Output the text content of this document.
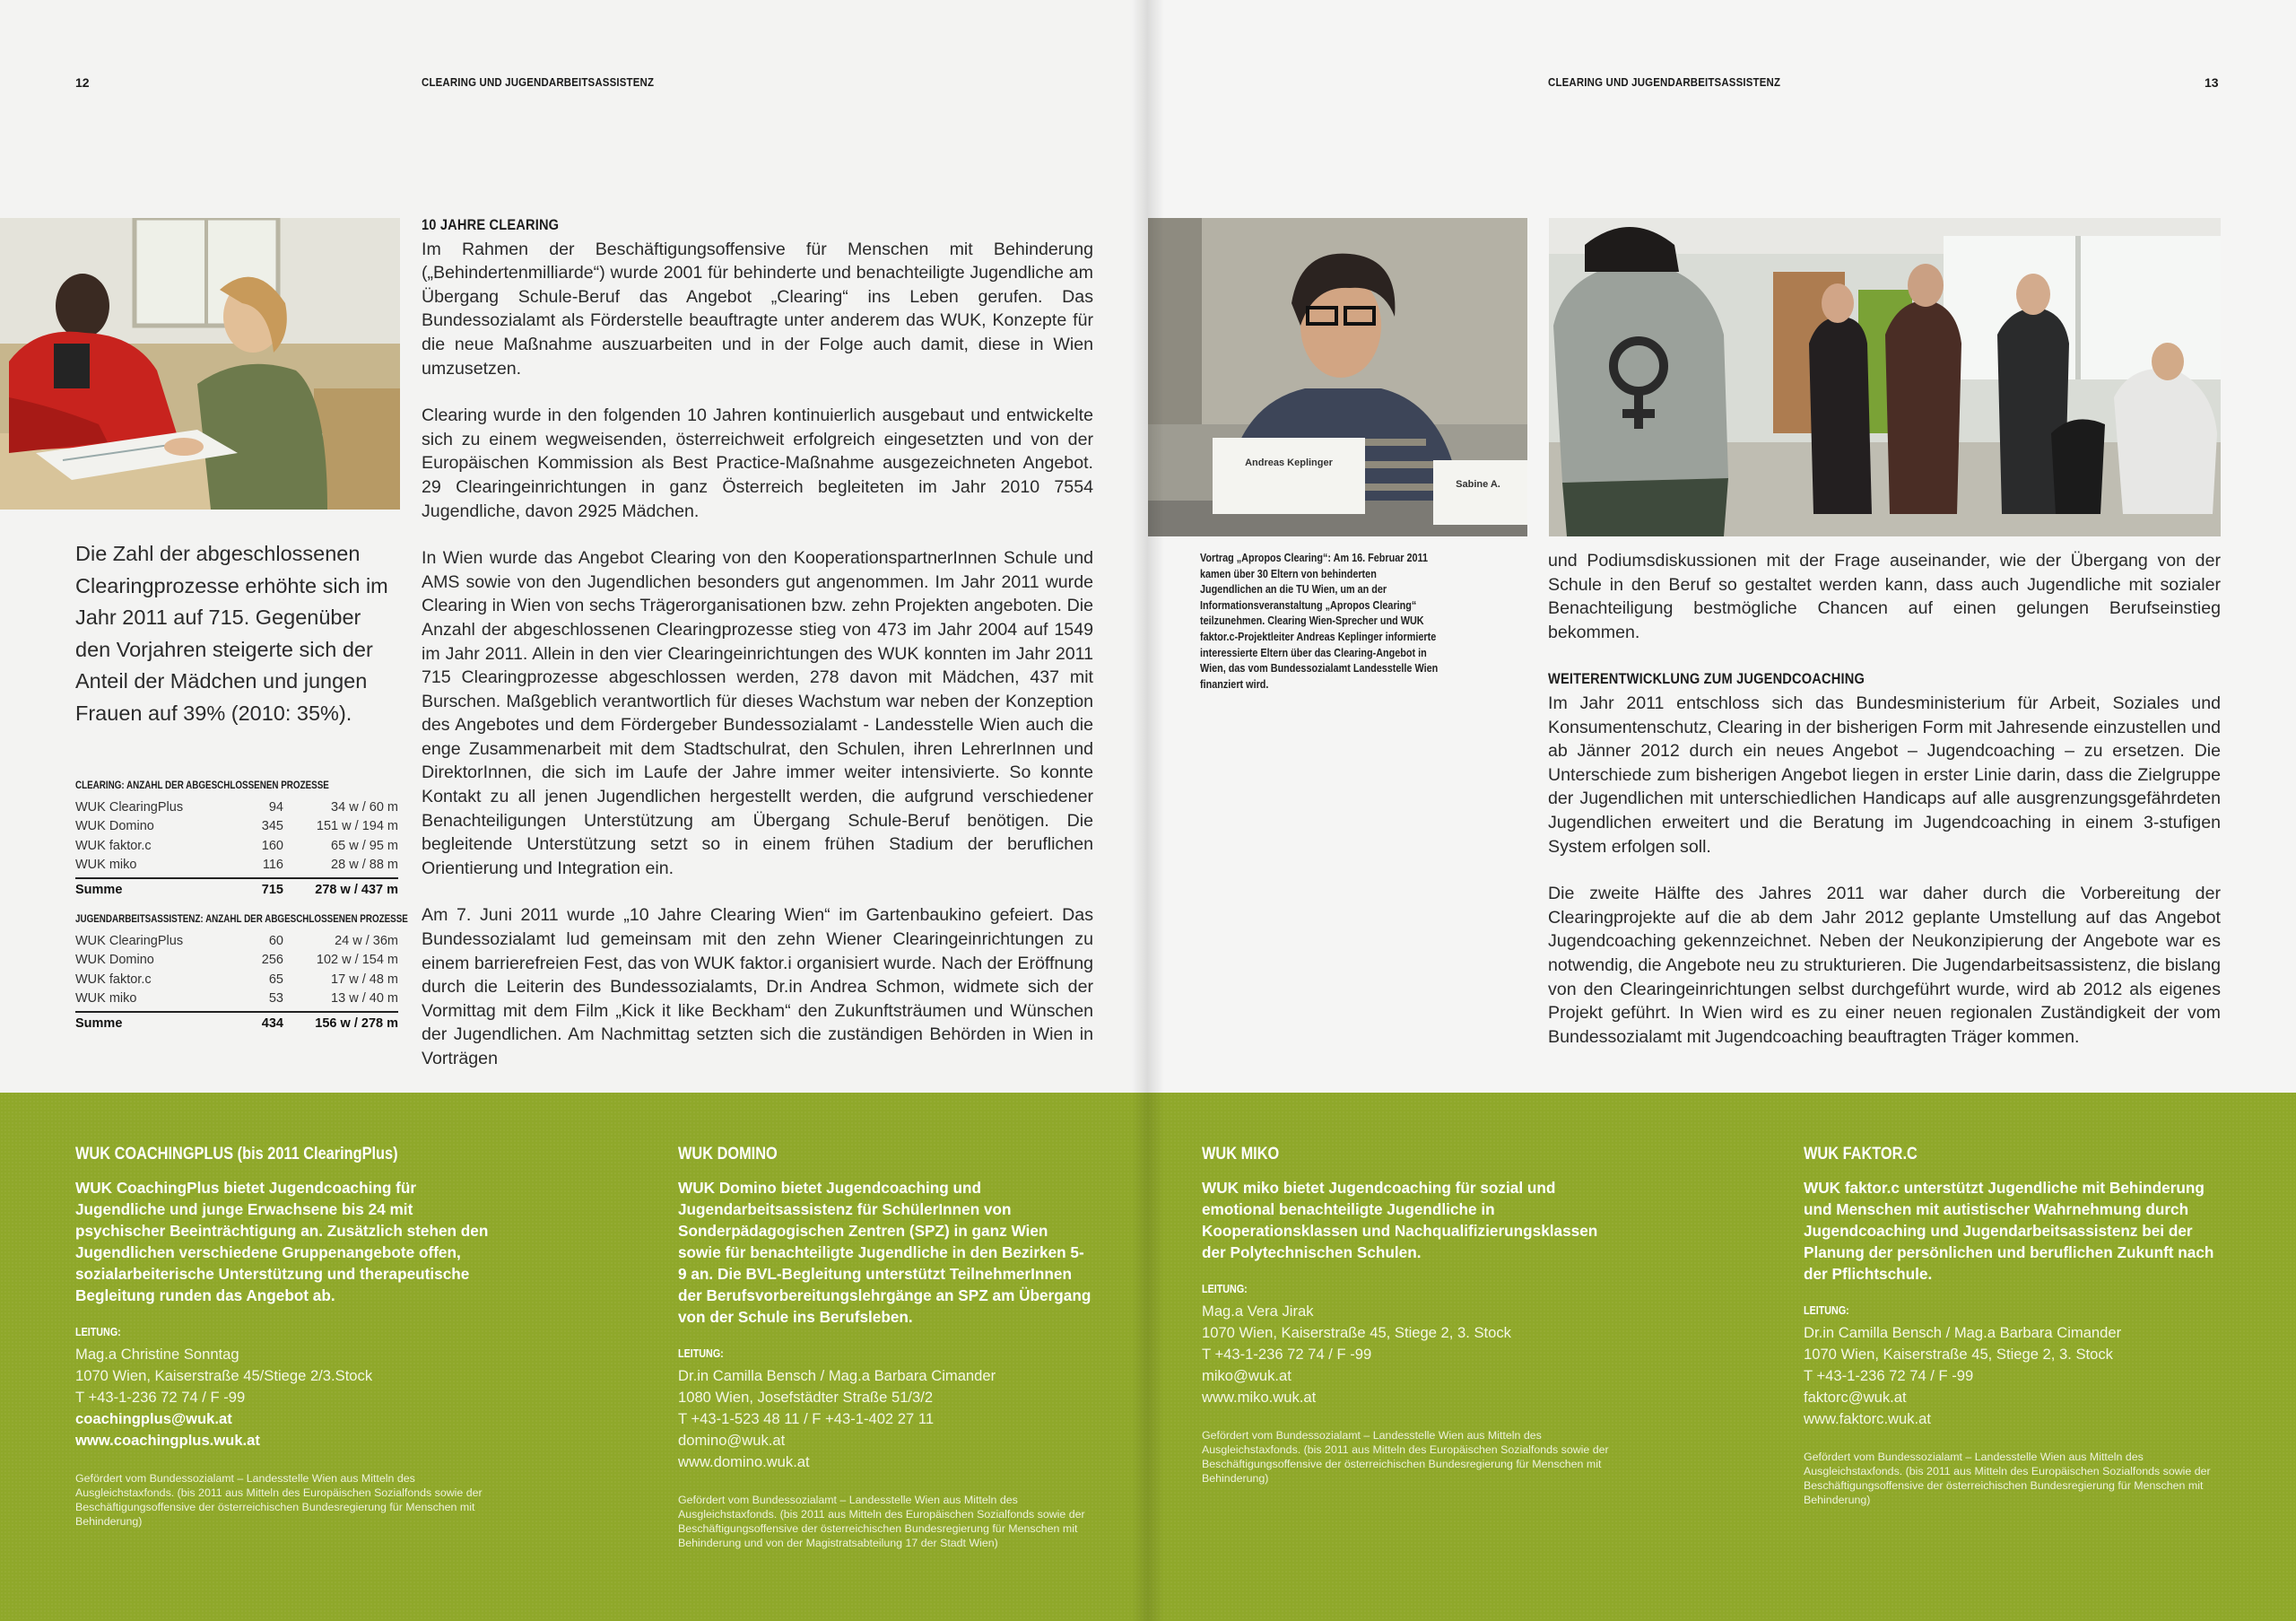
12	CLEARING UND JUGENDARBEITSASSISTENZ
Die Zahl der abgeschlossenen Clearingprozesse erhöhte sich im Jahr 2011 auf 715. Gegenüber den Vorjahren steigerte sich der Anteil der Mädchen und jungen Frauen auf 39% (2010: 35%).
CLEARING: ANZAHL DER ABGESCHLOSSENEN PROZESSE
WUK ClearingPlus	94	34 w / 60 m
WUK Domino	345	151 w / 194 m
WUK faktor.c	160	65 w / 95 m
WUK miko	116	28 w / 88 m
Summe	715	278 w / 437 m
JUGENDARBEITSASSISTENZ: ANZAHL DER ABGESCHLOSSENEN PROZESSE
WUK ClearingPlus	60	24 w / 36m
WUK Domino	256	102 w / 154 m
WUK faktor.c	65	17 w / 48 m
WUK miko	53	13 w / 40 m
Summe	434	156 w / 278 m
10 JAHRE CLEARING

Im Rahmen der Beschäftigungsoffensive für Menschen mit Behinderung („Behindertenmilliarde“) wurde 2001 für behinderte und benachteiligte Jugendliche am Übergang Schule-Beruf das Angebot „Clearing“ ins Leben gerufen. Das Bundessozialamt als Förderstelle beauftragte unter anderem das WUK, Konzepte für die neue Maßnahme auszuarbeiten und in der Folge auch damit, diese in Wien umzusetzen.

Clearing wurde in den folgenden 10 Jahren kontinuierlich ausgebaut und entwickelte sich zu einem wegweisenden, österreichweit erfolgreich eingesetzten und von der Europäischen Kommission als Best Practice-Maßnahme ausgezeichneten Angebot. 29 Clearingeinrichtungen in ganz Österreich begleiteten im Jahr 2010 7554 Jugendliche, davon 2925 Mädchen.

In Wien wurde das Angebot Clearing von den KooperationspartnerInnen Schule und AMS sowie von den Jugendlichen besonders gut angenommen. Im Jahr 2011 wurde Clearing in Wien von sechs Trägerorganisationen bzw. zehn Projekten angeboten. Die Anzahl der abgeschlossenen Clearingprozesse stieg von 473 im Jahr 2004 auf 1549 im Jahr 2011. Allein in den vier Clearingeinrichtungen des WUK konnten im Jahr 2011 715 Clearingprozesse abgeschlossen werden, 278 davon mit Mädchen, 437 mit Burschen. Maßgeblich verantwortlich für dieses Wachstum war neben der Konzeption des Angebotes und dem Fördergeber Bundessozialamt - Landesstelle Wien auch die enge Zusammenarbeit mit dem Stadtschulrat, den Schulen, ihren LehrerInnen und DirektorInnen, die sich im Laufe der Jahre immer weiter intensivierte. So konnte Kontakt zu all jenen Jugendlichen hergestellt werden, die aufgrund verschiedener Benachteiligungen Unterstützung am Übergang Schule-Beruf benötigen. Die begleitende Unterstützung setzt so in einem frühen Stadium der beruflichen Orientierung und Integration ein.

Am 7. Juni 2011 wurde „10 Jahre Clearing Wien“ im Gartenbaukino gefeiert. Das Bundessozialamt lud gemeinsam mit den zehn Wiener Clearingeinrichtungen zu einem barrierefreien Fest, das von WUK faktor.i organisiert wurde. Nach der Eröffnung durch die Leiterin des Bundessozialamts, Dr.in Andrea Schmon, widmete sich der Vormittag mit dem Film „Kick it like Beckham“ den Zukunftsträumen und Wünschen der Jugendlichen. Am Nachmittag setzten sich die zuständigen Behörden in Wien in Vorträgen

CLEARING UND JUGENDARBEITSASSISTENZ	13
Andreas Keplinger
Sabine A.
Vortrag „Apropos Clearing“: Am 16. Februar 2011 kamen über 30 Eltern von behinderten Jugendlichen an die TU Wien, um an der Informationsveranstaltung „Apropos Clearing“ teilzunehmen. Clearing Wien-Sprecher und WUK faktor.c-Projektleiter Andreas Keplinger informierte interessierte Eltern über das Clearing-Angebot in Wien, das vom Bundessozialamt Landesstelle Wien finanziert wird.

und Podiumsdiskussionen mit der Frage auseinander, wie der Übergang von der Schule in den Beruf so gestaltet werden kann, dass auch Jugendliche mit sozialer Benachteiligung bestmögliche Chancen auf einen gelungen Berufseinstieg bekommen.

WEITERENTWICKLUNG ZUM JUGENDCOACHING

Im Jahr 2011 entschloss sich das Bundesministerium für Arbeit, Soziales und Konsumentenschutz, Clearing in der bisherigen Form mit Jahresende einzustellen und ab Jänner 2012 durch ein neues Angebot – Jugendcoaching – zu ersetzen. Die Unterschiede zum bisherigen Angebot liegen in erster Linie darin, dass die Zielgruppe der Jugendlichen mit unterschiedlichen Handicaps auf alle ausgrenzungsgefährdeten Jugendlichen erweitert und die Beratung im Jugendcoaching in einem 3-stufigen System erfolgen soll.

Die zweite Hälfte des Jahres 2011 war daher durch die Vorbereitung der Clearingprojekte auf die ab dem Jahr 2012 geplante Umstellung auf das Angebot Jugendcoaching gekennzeichnet. Neben der Neukonzipierung der Angebote war es notwendig, die Angebote neu zu strukturieren. Die Jugendarbeitsassistenz, die bislang von den Clearingeinrichtungen selbst durchgeführt wurde, wird ab 2012 als eigenes Projekt geführt. In Wien wird es zu einer neuen regionalen Zuständigkeit der vom Bundessozialamt mit Jugendcoaching beauftragten Träger kommen.

WUK COACHINGPLUS (bis 2011 ClearingPlus)
WUK CoachingPlus bietet Jugendcoaching für Jugendliche und junge Erwachsene bis 24 mit psychischer Beeinträchtigung an. Zusätzlich stehen den Jugendlichen verschiedene Gruppenangebote offen, sozialarbeiterische Unterstützung und therapeutische Begleitung runden das Angebot ab.
LEITUNG:
Mag.a Christine Sonntag
1070 Wien, Kaiserstraße 45/Stiege 2/3.Stock
T +43-1-236 72 74 / F -99
coachingplus@wuk.at
www.coachingplus.wuk.at
Gefördert vom Bundessozialamt – Landesstelle Wien aus Mitteln des Ausgleichstaxfonds. (bis 2011 aus Mitteln des Europäischen Sozialfonds sowie der Beschäftigungsoffensive der österreichischen Bundesregierung für Menschen mit Behinderung)
WUK DOMINO
WUK Domino bietet Jugendcoaching und Jugendarbeitsassistenz für SchülerInnen von Sonderpädagogischen Zentren (SPZ) in ganz Wien sowie für benachteiligte Jugendliche in den Bezirken 5-9 an. Die BVL-Begleitung unterstützt TeilnehmerInnen der Berufsvorbereitungslehrgänge an SPZ am Übergang von der Schule ins Berufsleben.
LEITUNG:
Dr.in Camilla Bensch / Mag.a Barbara Cimander
1080 Wien, Josefstädter Straße 51/3/2
T +43-1-523 48 11 / F +43-1-402 27 11
domino@wuk.at
www.domino.wuk.at
Gefördert vom Bundessozialamt – Landesstelle Wien aus Mitteln des Ausgleichstaxfonds. (bis 2011 aus Mitteln des Europäischen Sozialfonds sowie der Beschäftigungsoffensive der österreichischen Bundesregierung für Menschen mit Behinderung und von der Magistratsabteilung 17 der Stadt Wien)
WUK MIKO
WUK miko bietet Jugendcoaching für sozial und emotional benachteiligte Jugendliche in Kooperationsklassen und Nachqualifizierungsklassen der Polytechnischen Schulen.
LEITUNG:
Mag.a Vera Jirak
1070 Wien, Kaiserstraße 45, Stiege 2, 3. Stock
T +43-1-236 72 74 / F -99
miko@wuk.at
www.miko.wuk.at
Gefördert vom Bundessozialamt – Landesstelle Wien aus Mitteln des Ausgleichstaxfonds. (bis 2011 aus Mitteln des Europäischen Sozialfonds sowie der Beschäftigungsoffensive der österreichischen Bundesregierung für Menschen mit Behinderung)
WUK FAKTOR.C
WUK faktor.c unterstützt Jugendliche mit Behinderung und Menschen mit autistischer Wahrnehmung durch Jugendcoaching und Jugendarbeitsassistenz bei der Planung der persönlichen und beruflichen Zukunft nach der Pflichtschule.
LEITUNG:
Dr.in Camilla Bensch / Mag.a Barbara Cimander
1070 Wien, Kaiserstraße 45, Stiege 2, 3. Stock
T +43-1-236 72 74 / F -99
faktorc@wuk.at
www.faktorc.wuk.at
Gefördert vom Bundessozialamt – Landesstelle Wien aus Mitteln des Ausgleichstaxfonds. (bis 2011 aus Mitteln des Europäischen Sozialfonds sowie der Beschäftigungsoffensive der österreichischen Bundesregierung für Menschen mit Behinderung)
